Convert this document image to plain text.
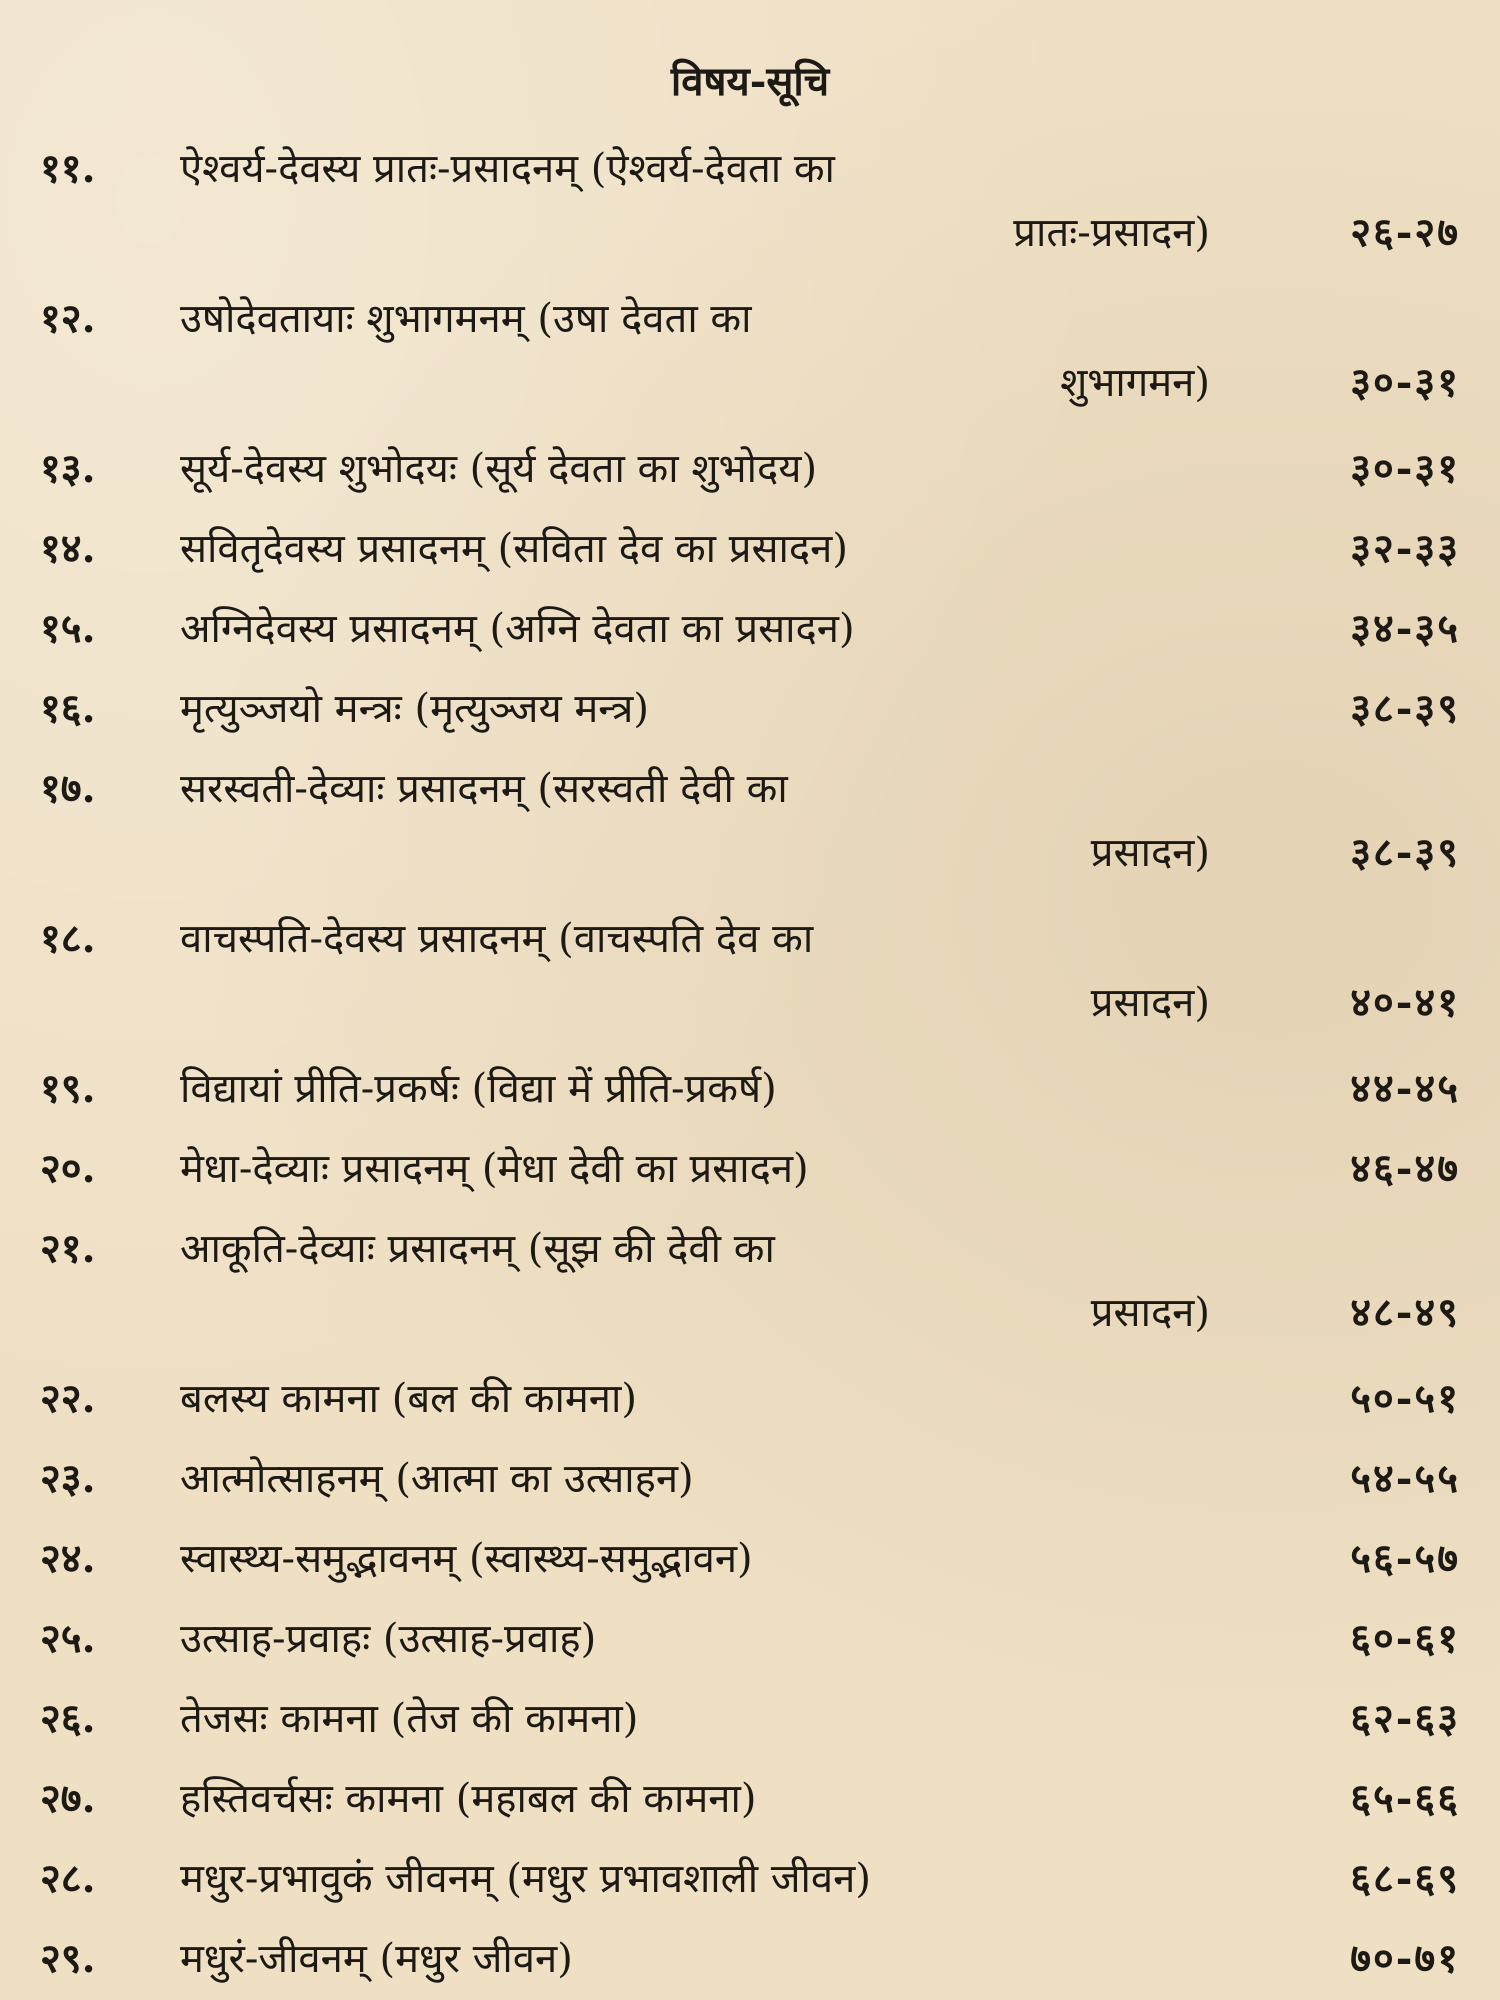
विषय-सूचि
११.	ऐश्वर्य-देवस्य प्रातः-प्रसादनम् (ऐश्वर्य-देवता का
प्रातः-प्रसादन)	२६-२७
१२.	उषोदेवतायाः शुभागमनम् (उषा देवता का
शुभागमन)	३०-३१
१३.	सूर्य-देवस्य शुभोदयः (सूर्य देवता का शुभोदय)	३०-३१
१४.	सवितृदेवस्य प्रसादनम् (सविता देव का प्रसादन)	३२-३३
१५.	अग्निदेवस्य प्रसादनम् (अग्नि देवता का प्रसादन)	३४-३५
१६.	मृत्युञ्जयो मन्त्रः (मृत्युञ्जय मन्त्र)	३८-३९
१७.	सरस्वती-देव्याः प्रसादनम् (सरस्वती देवी का
प्रसादन)	३८-३९
१८.	वाचस्पति-देवस्य प्रसादनम् (वाचस्पति देव का
प्रसादन)	४०-४१
१९.	विद्यायां प्रीति-प्रकर्षः (विद्या में प्रीति-प्रकर्ष)	४४-४५
२०.	मेधा-देव्याः प्रसादनम् (मेधा देवी का प्रसादन)	४६-४७
२१.	आकूति-देव्याः प्रसादनम् (सूझ की देवी का
प्रसादन)	४८-४९
२२.	बलस्य कामना (बल की कामना)	५०-५१
२३.	आत्मोत्साहनम् (आत्मा का उत्साहन)	५४-५५
२४.	स्वास्थ्य-समुद्भावनम् (स्वास्थ्य-समुद्भावन)	५६-५७
२५.	उत्साह-प्रवाहः (उत्साह-प्रवाह)	६०-६१
२६.	तेजसः कामना (तेज की कामना)	६२-६३
२७.	हस्तिवर्चसः कामना (महाबल की कामना)	६५-६६
२८.	मधुर-प्रभावुकं जीवनम् (मधुर प्रभावशाली जीवन)	६८-६९
२९.	मधुरं-जीवनम् (मधुर जीवन)	७०-७१
